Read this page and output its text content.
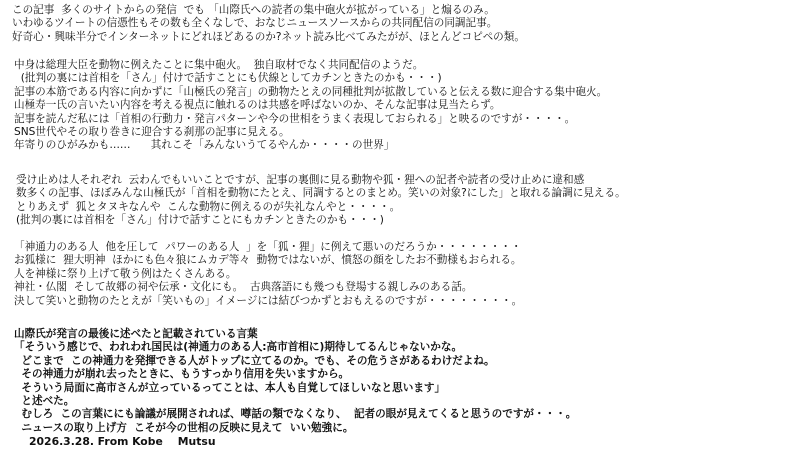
この記事  多くのサイトからの発信  でも 「山際氏への読者の集中砲火が拡がっている」と煽るのみ。
いわゆるツイートの信憑性もその数も全くなしで、おなじニュースソースからの共同配信の同調記事。
好奇心・興味半分でインターネットにどれほどあるのか?ネット読み比べてみたがが、ほとんどコピペの類。
中身は総理大臣を動物に例えたことに集中砲火。  独自取材でなく共同配信のようだ。
(批判の裏には首相を「さん」付けで話すことにも伏線としてカチンときたのかも・・・)
記事の本筋である内容に向かずに「山極氏の発言」の動物たとえの同種批判が拡散していると伝える数に迎合する集中砲火。
山極寿一氏の言いたい内容を考える視点に触れるのは共感を呼ばないのか、そんな記事は見当たらず。
記事を読んだ私には「首相の行動力・発言パターンや今の世相をうまく表現しておられる」と映るのですが・・・・。
SNS世代やその取り巻きに迎合する刹那の記事に見える。
年寄りのひがみかも……      其れこそ「みんないうてるやんか・・・・の世界」
受け止めは人それぞれ  云わんでもいいことですが、記事の裏側に見る動物や狐・狸への記者や読者の受け止めに違和感
数多くの記事、ほぼみんな山極氏が「首相を動物にたとえ、同調するとのまとめ。笑いの対象?にした」と取れる論調に見える。
とりあえず  狐とタヌキなんや  こんな動物に例えるのが失礼なんやと・・・・。
(批判の裏には首相を「さん」付けで話すことにもカチンときたのかも・・・)
「神通力のある人  他を圧して  パワーのある人  」を「狐・狸」に例えて悪いのだろうか・・・・・・・・
お狐様に  狸大明神  ほかにも色々狼にムカデ等々  動物ではないが、憤怒の顔をしたお不動様もおられる。
人を神様に祭り上げて敬う例はたくさんある。
神社・仏閣  そして故郷の祠や伝承・文化にも。  古典落語にも幾つも登場する親しみのある話。
決して笑いと動物のたとえが「笑いもの」イメージには結びつかずとおもえるのですが・・・・・・・・。
山際氏が発言の最後に述べたと記載されている言葉
「そういう感じで、われわれ国民は(神通力のある人:高市首相に)期待してるんじゃないかな。
どこまで  この神通力を発揮できる人がトップに立てるのか。でも、その危うさがあるわけだよね。
その神通力が崩れ去ったときに、もうすっかり信用を失いますから。
そういう局面に高市さんが立っているってことは、本人も自覚してほしいなと思います」
と述べた。
むしろ  この言葉ににも論議が展開されれば、噂話の類でなくなり、  記者の眼が見えてくると思うのですが・・・。
ニュースの取り上げ方  こそが今の世相の反映に見えて  いい勉強に。
2026.3.28. From Kobe    Mutsu
